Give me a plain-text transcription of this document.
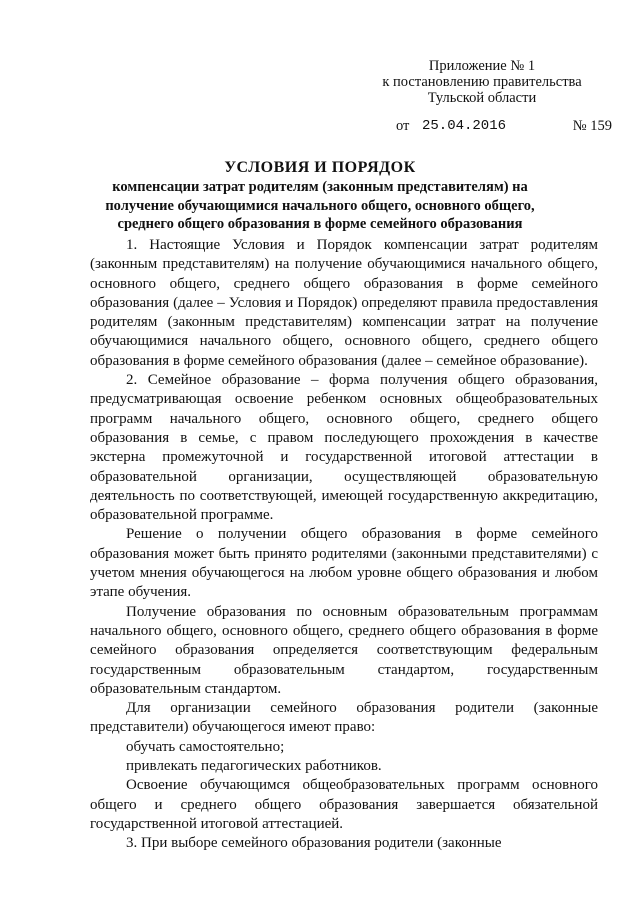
Приложение № 1
к постановлению правительства
Тульской области
от 25.04.2016	№ 159
УСЛОВИЯ И ПОРЯДОК
компенсации затрат родителям (законным представителям) на
получение обучающимися начального общего, основного общего,
среднего общего образования в форме семейного образования

1. Настоящие Условия и Порядок компенсации затрат родителям (законным представителям) на получение обучающимися начального общего, основного общего, среднего общего образования в форме семейного образования (далее – Условия и Порядок) определяют правила предоставления родителям (законным представителям) компенсации затрат на получение обучающимися начального общего, основного общего, среднего общего образования в форме семейного образования (далее – семейное образование).

2. Семейное образование – форма получения общего образования, предусматривающая освоение ребенком основных общеобразовательных программ начального общего, основного общего, среднего общего образования в семье, с правом последующего прохождения в качестве экстерна промежуточной и государственной итоговой аттестации в образовательной организации, осуществляющей образовательную деятельность по соответствующей, имеющей государственную аккредитацию, образовательной программе.

Решение о получении общего образования в форме семейного образования может быть принято родителями (законными представителями) с учетом мнения обучающегося на любом уровне общего образования и любом этапе обучения.

Получение образования по основным образовательным программам начального общего, основного общего, среднего общего образования в форме семейного образования определяется соответствующим федеральным государственным образовательным стандартом, государственным образовательным стандартом.

Для организации семейного образования родители (законные представители) обучающегося имеют право:

обучать самостоятельно;

привлекать педагогических работников.

Освоение обучающимся общеобразовательных программ основного общего и среднего общего образования завершается обязательной государственной итоговой аттестацией.

3. При выборе семейного образования родители (законные
